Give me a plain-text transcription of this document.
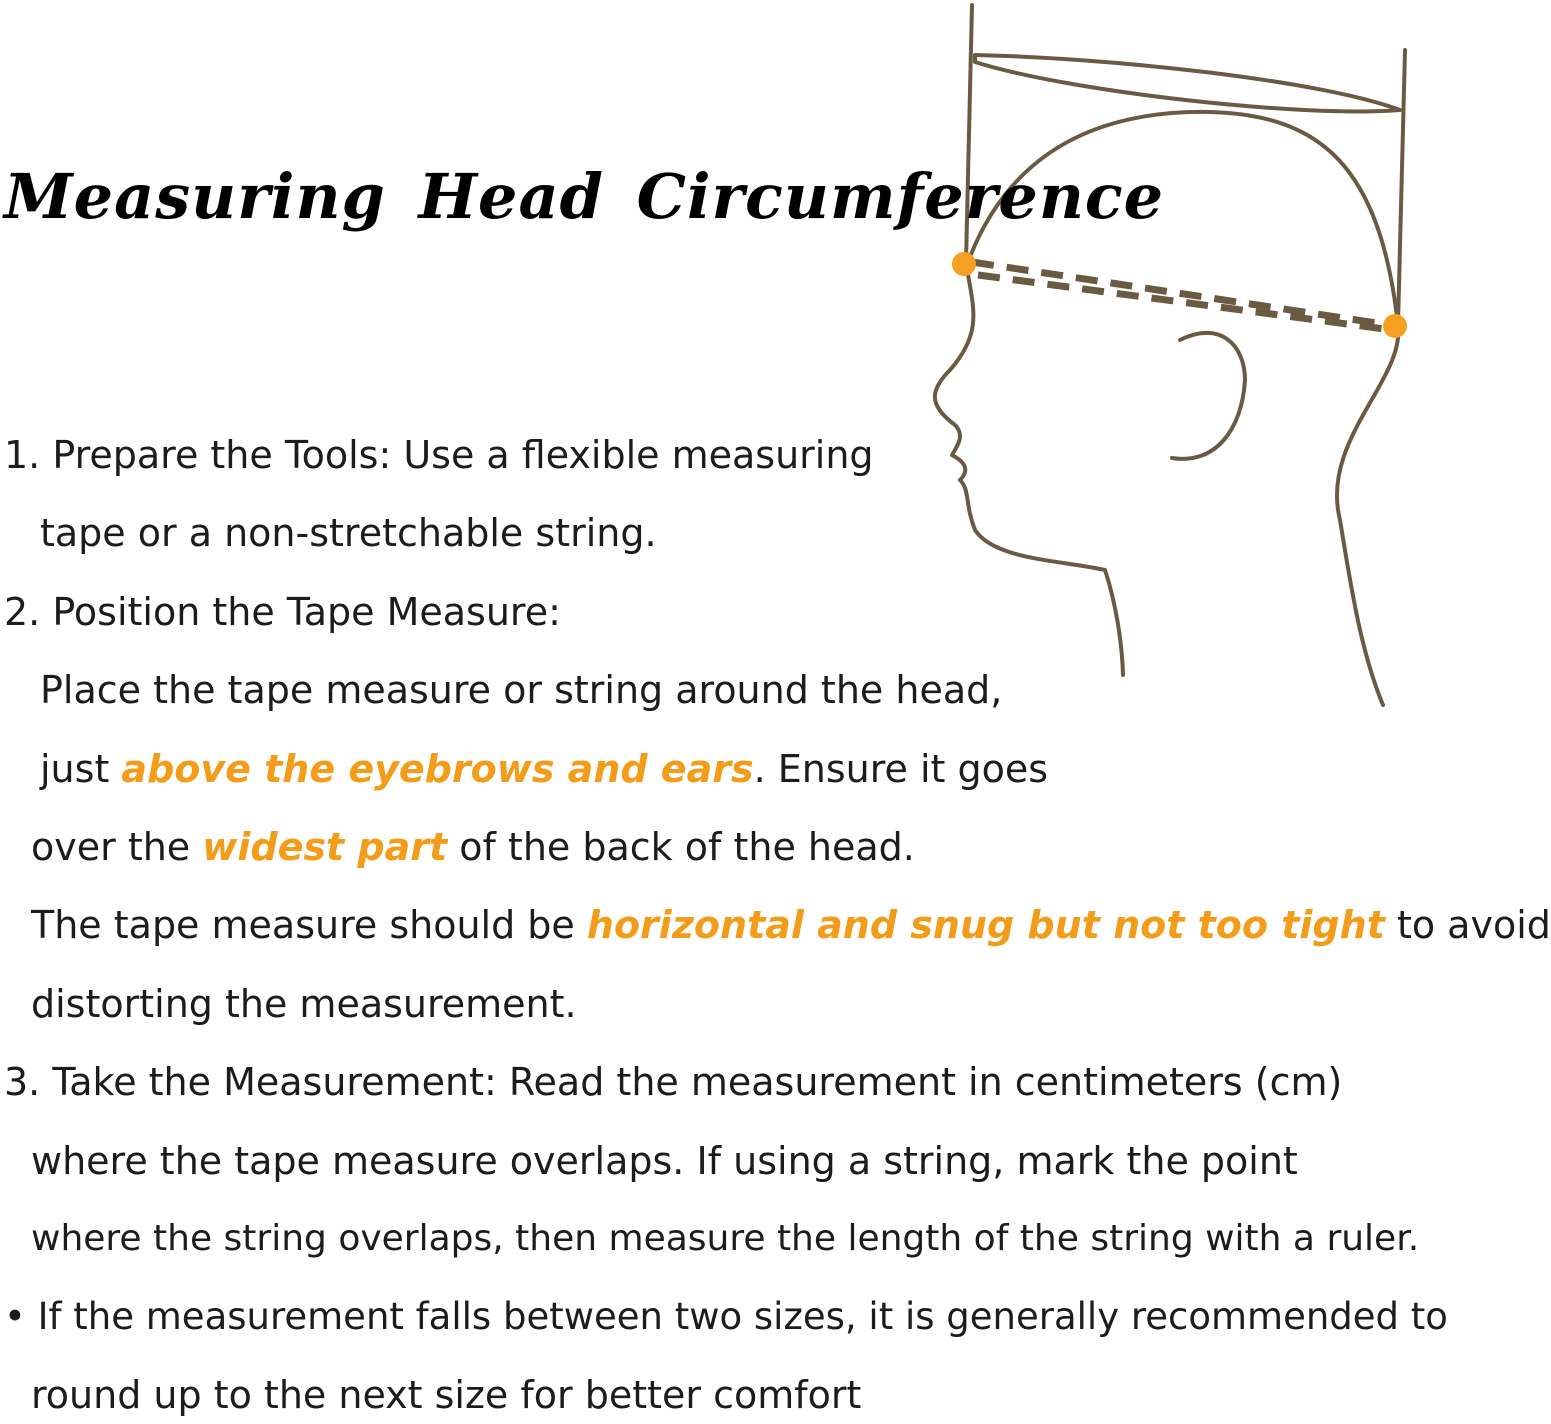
Measuring Head Circumference
1. Prepare the Tools: Use a flexible measuring
tape or a non-stretchable string.
2. Position the Tape Measure:
Place the tape measure or string around the head,
just above the eyebrows and ears. Ensure it goes
over the widest part of the back of the head.
The tape measure should be horizontal and snug but not too tight to avoid
distorting the measurement.
3. Take the Measurement: Read the measurement in centimeters (cm)
where the tape measure overlaps. If using a string, mark the point
where the string overlaps, then measure the length of the string with a ruler.
• If the measurement falls between two sizes, it is generally recommended to
round up to the next size for better comfort
